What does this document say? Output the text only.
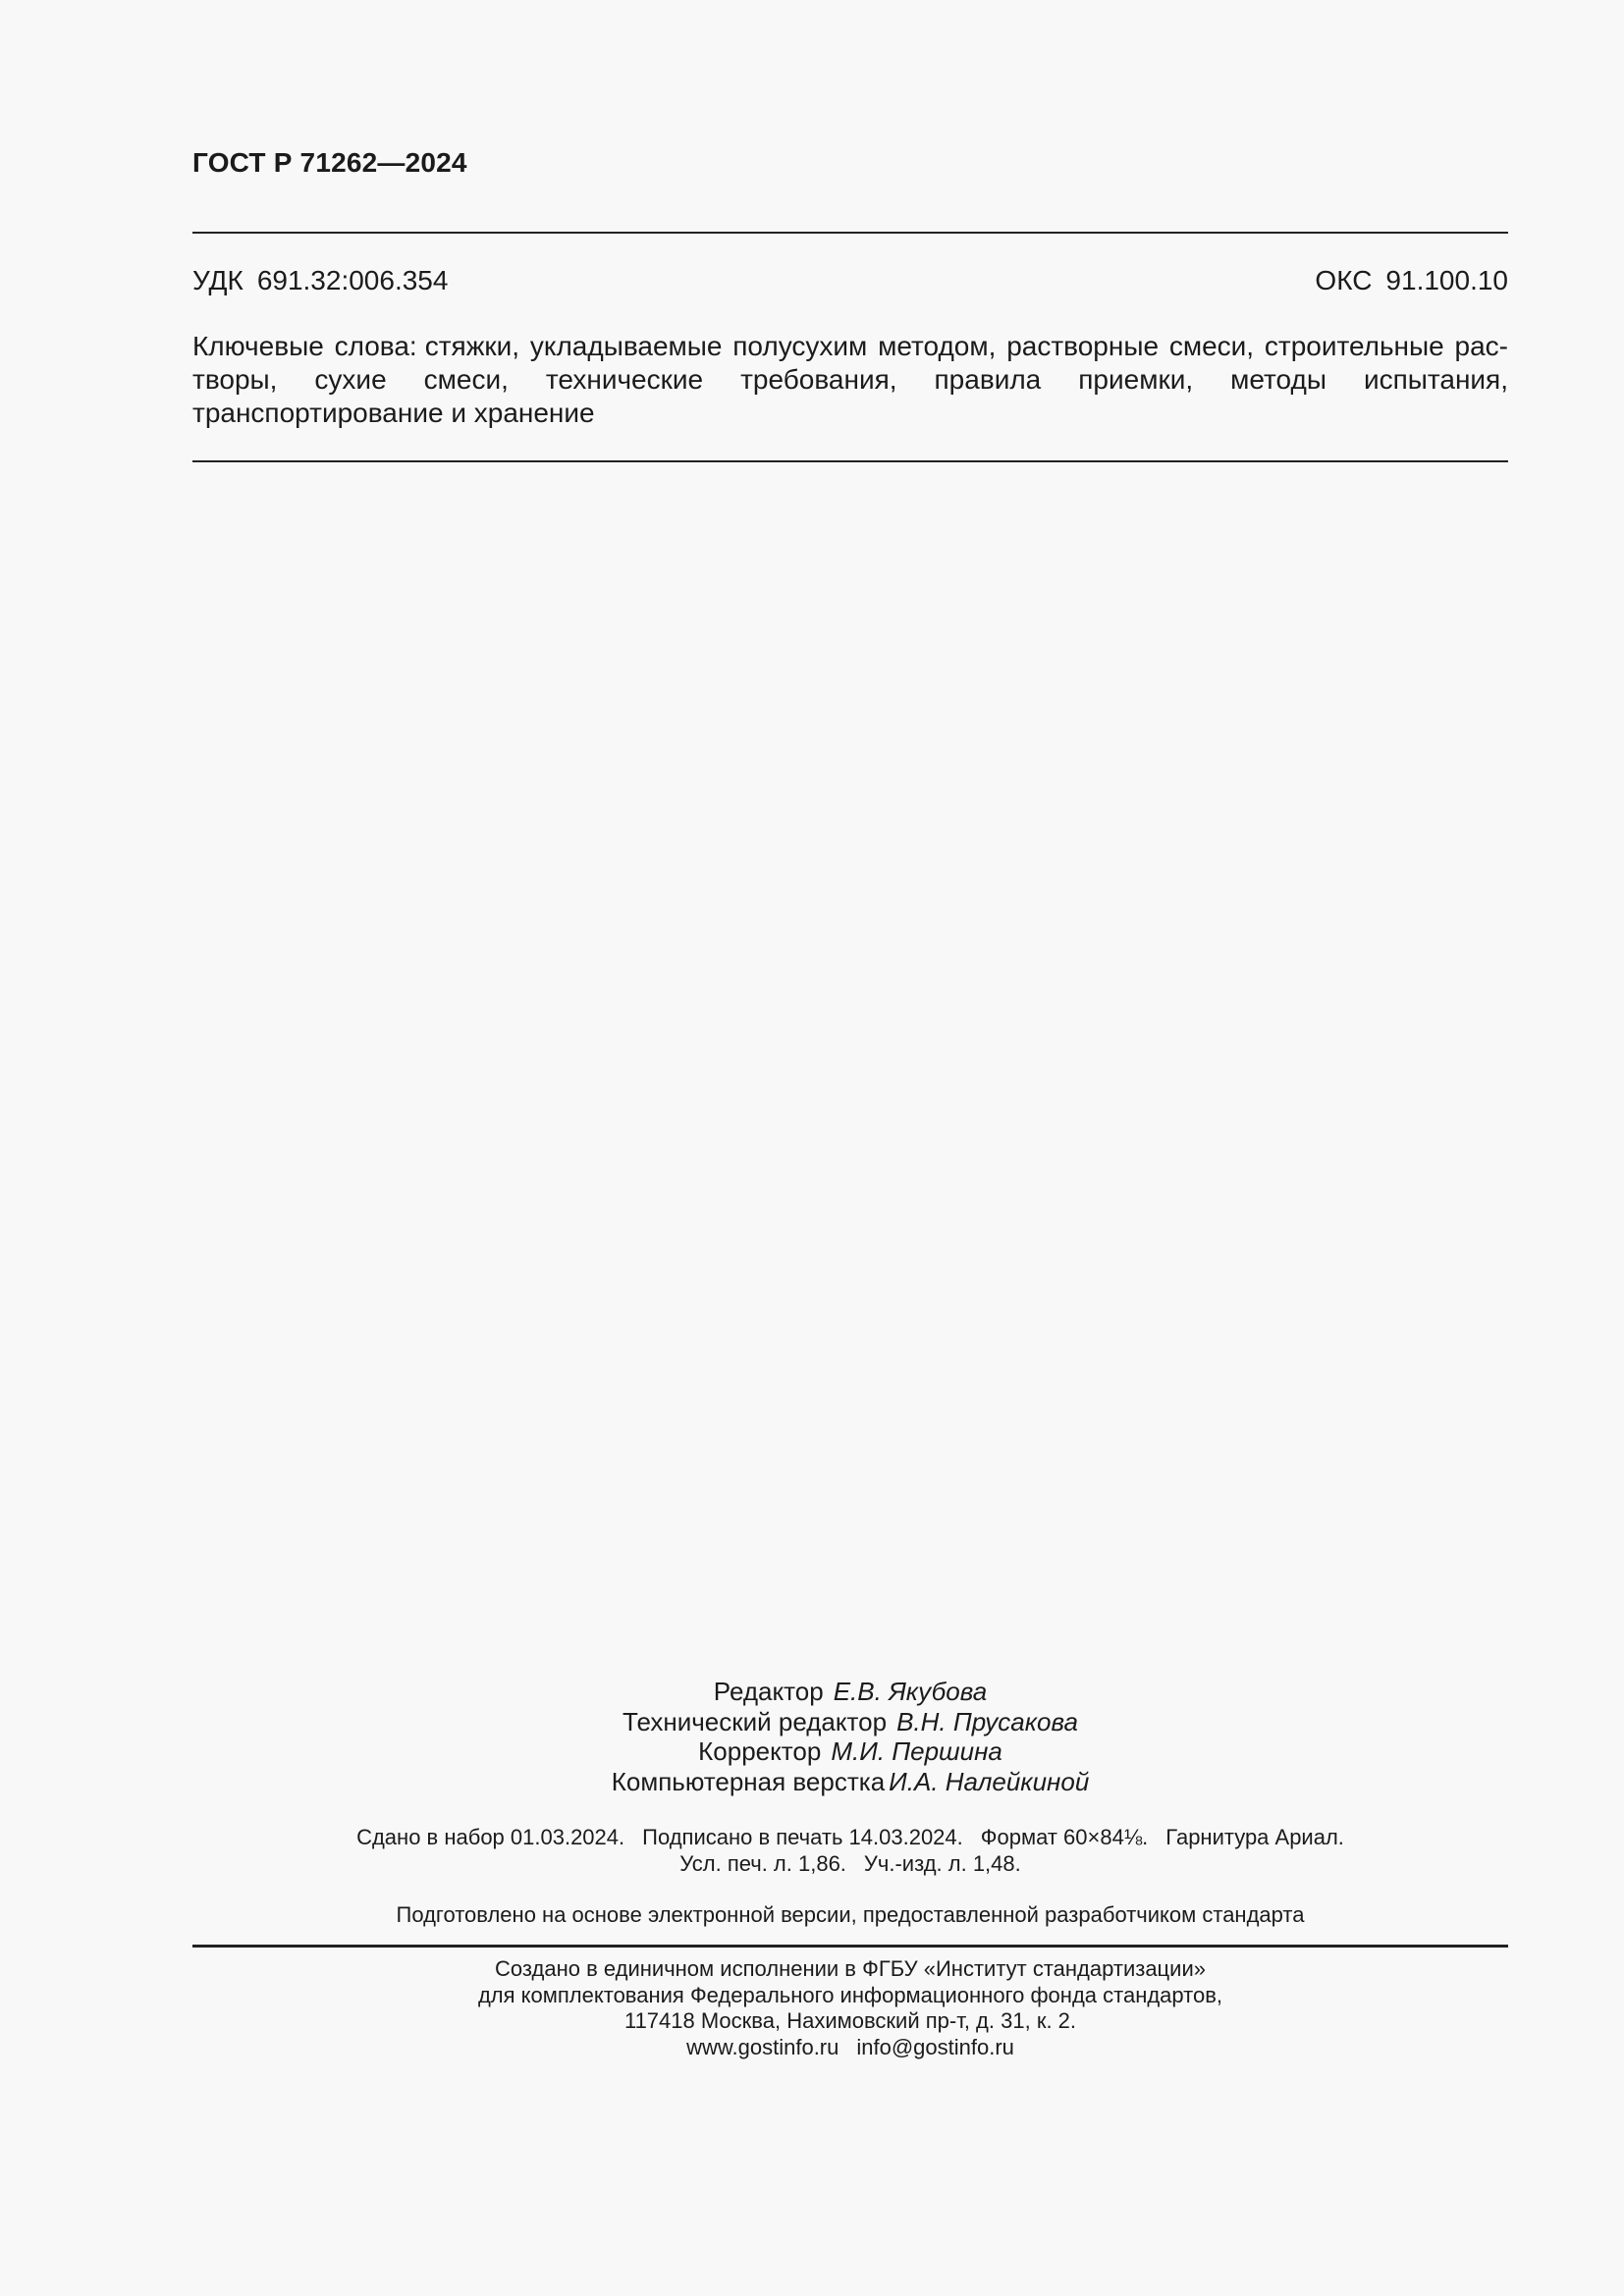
ГОСТ Р 71262—2024
УДК 691.32:006.354	ОКС 91.100.10
Ключевые слова: стяжки, укладываемые полусухим методом, растворные смеси, строительные растворы, сухие смеси, технические требования, правила приемки, методы испытания, транспортирование и хранение
Редактор Е.В. Якубова
Технический редактор В.Н. Прусакова
Корректор М.И. Першина
Компьютерная верстка И.А. Налейкиной
Сдано в набор 01.03.2024. Подписано в печать 14.03.2024. Формат 60×84⅛. Гарнитура Ариал.
Усл. печ. л. 1,86. Уч.-изд. л. 1,48.
Подготовлено на основе электронной версии, предоставленной разработчиком стандарта
Создано в единичном исполнении в ФГБУ «Институт стандартизации»
для комплектования Федерального информационного фонда стандартов,
117418 Москва, Нахимовский пр-т, д. 31, к. 2.
www.gostinfo.ru info@gostinfo.ru
